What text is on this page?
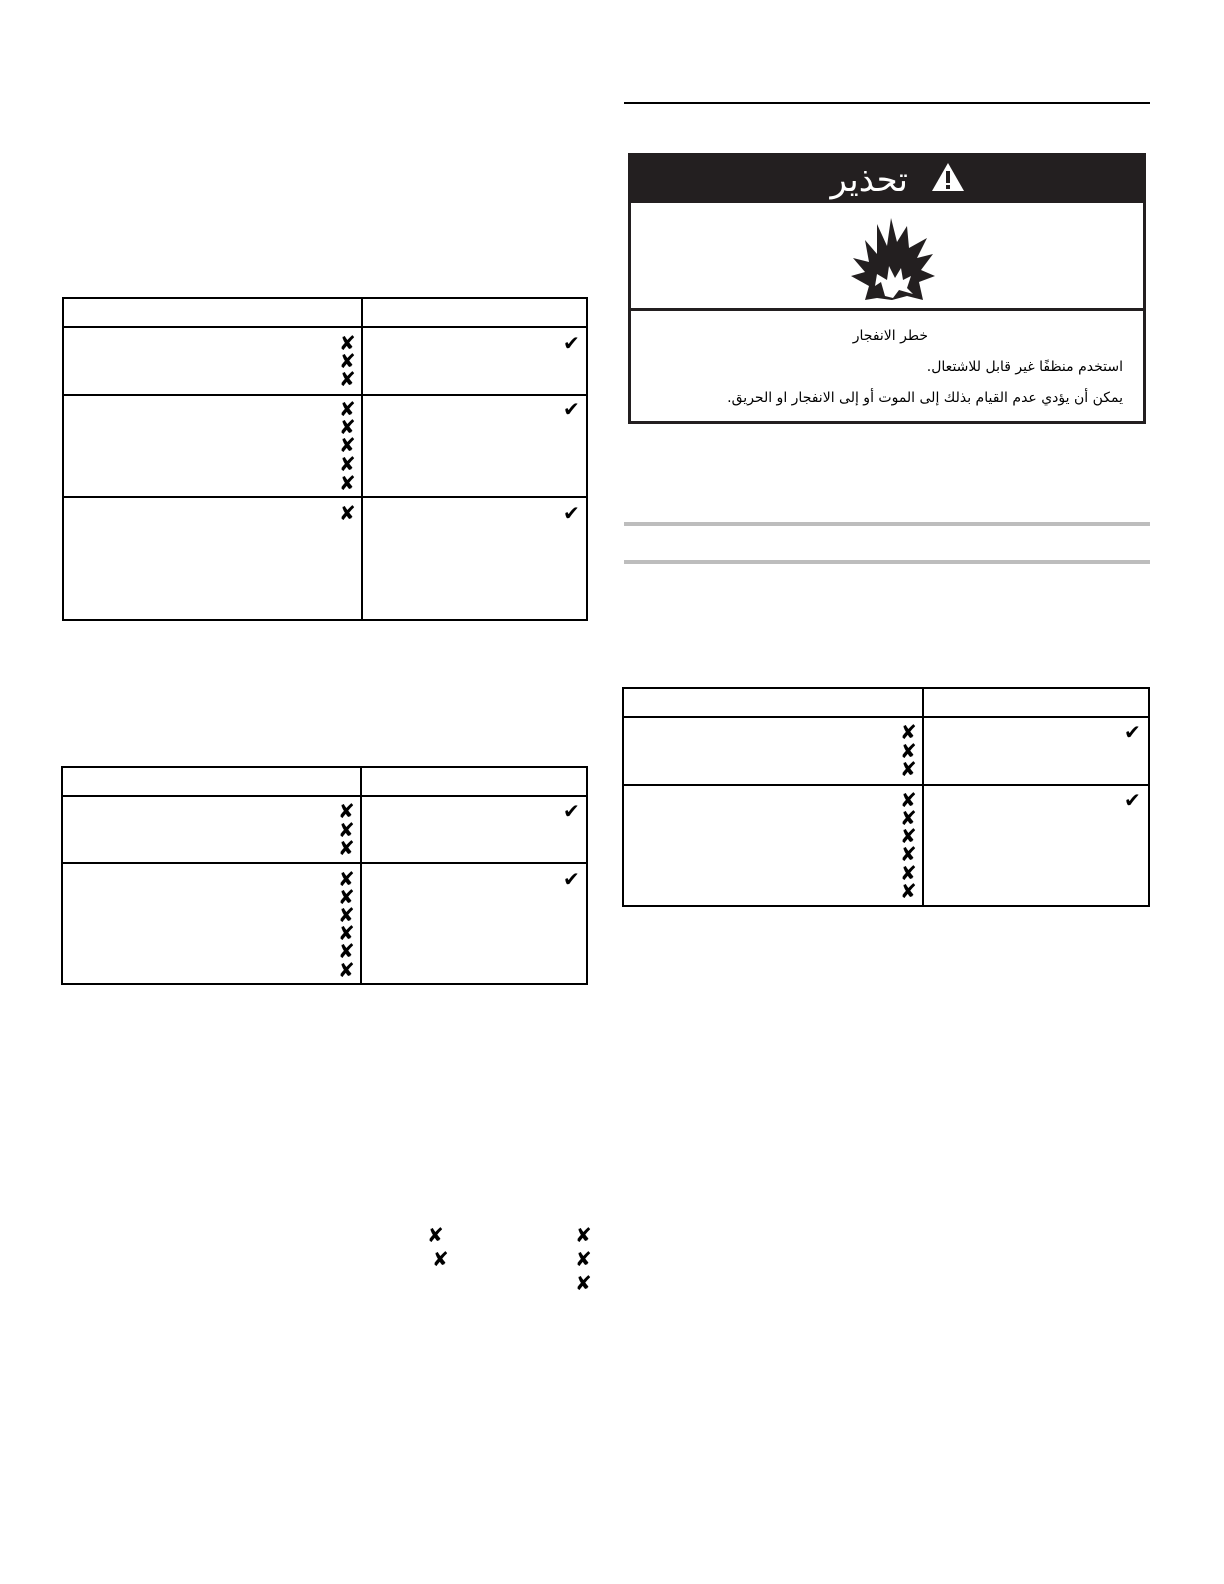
تحذير
خطر الانفجار
استخدم منظفًا غير قابل للاشتعال.
يمكن أن يؤدي عدم القيام بذلك إلى الموت أو إلى الانفجار او الحريق.
✔
✘
✘
✘
✔
✘
✘
✘
✘
✘
✔
✘
✔
✘
✘
✘
✔
✘
✘
✘
✘
✘
✘
✔
✘
✘
✘
✔
✘
✘
✘
✘
✘
✘
✘	✘
✘	✘
✘
